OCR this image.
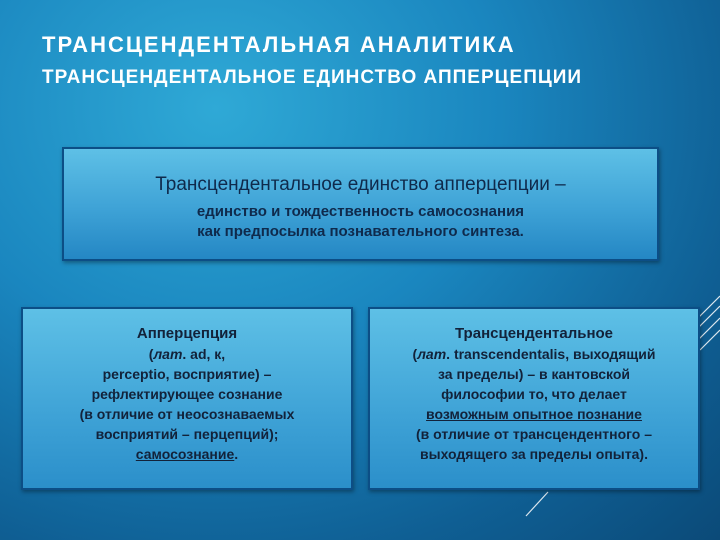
ТРАНСЦЕНДЕНТАЛЬНАЯ АНАЛИТИКА
ТРАНСЦЕНДЕНТАЛЬНОЕ ЕДИНСТВО АППЕРЦЕПЦИИ
Трансцендентальное единство апперцепции –
единство и тождественность самосознания
как предпосылка познавательного синтеза.
Апперцепция
(лат. ad, к,
perceptio, восприятие) –
рефлектирующее сознание
(в отличие от неосознаваемых
восприятий – перцепций);
самосознание.
Трансцендентальное
(лат. transcendentalis, выходящий
за пределы) – в кантовской
философии то, что делает
возможным опытное познание
(в отличие от трансцендентного –
выходящего за пределы опыта).
